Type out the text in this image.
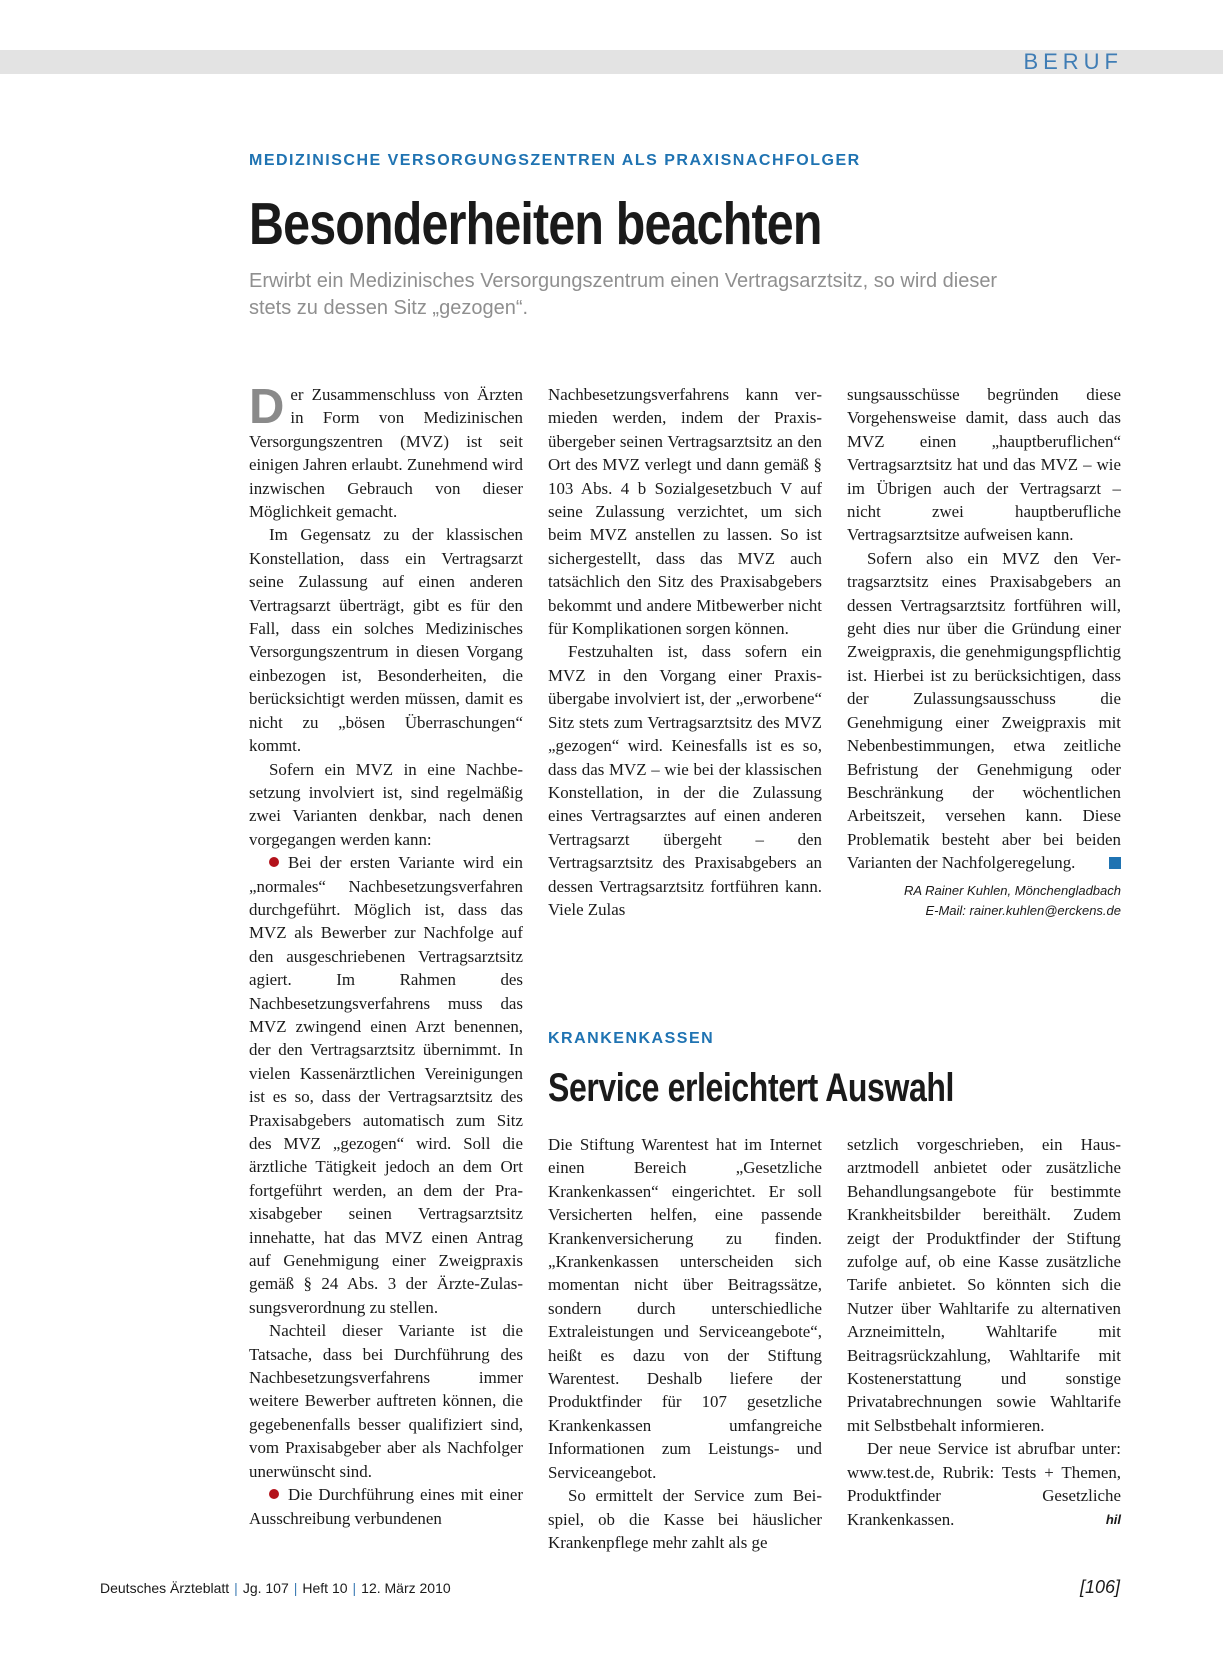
BERUF
MEDIZINISCHE VERSORGUNGSZENTREN ALS PRAXISNACHFOLGER
Besonderheiten beachten

Erwirbt ein Medizinisches Versorgungszentrum einen Vertragsarztsitz, so wird dieser stets zu dessen Sitz „gezogen“.

Der Zusammenschluss von Ärzten in Form von Medizinischen Versorgungszentren (MVZ) ist seit einigen Jahren erlaubt. Zunehmend wird inzwischen Gebrauch von dieser Möglichkeit gemacht.

Im Gegensatz zu der klassischen Konstellation, dass ein Vertragsarzt seine Zulassung auf einen anderen Vertragsarzt überträgt, gibt es für den Fall, dass ein solches Medizinisches Versorgungszentrum in diesen Vorgang einbezogen ist, Besonderheiten, die berücksichtigt werden müssen, damit es nicht zu „bösen Überraschungen“ kommt.

Sofern ein MVZ in eine Nachbesetzung involviert ist, sind regelmäßig zwei Varianten denkbar, nach denen vorgegangen werden kann:

Bei der ersten Variante wird ein „normales“ Nachbesetzungsverfahren durchgeführt. Möglich ist, dass das MVZ als Bewerber zur Nachfolge auf den ausgeschriebenen Vertragsarztsitz agiert. Im Rahmen des Nachbesetzungsverfahrens muss das MVZ zwingend einen Arzt benennen, der den Vertragsarztsitz übernimmt. In vielen Kassenärztlichen Vereinigungen ist es so, dass der Vertragsarztsitz des Praxisabgebers automatisch zum Sitz des MVZ „gezogen“ wird. Soll die ärztliche Tätigkeit jedoch an dem Ort fortgeführt werden, an dem der Praxisabgeber seinen Vertragsarztsitz innehatte, hat das MVZ einen Antrag auf Genehmigung einer Zweigpraxis gemäß § 24 Abs. 3 der Ärzte-Zulassungsverordnung zu stellen.

Nachteil dieser Variante ist die Tatsache, dass bei Durchführung des Nachbesetzungsverfahrens immer weitere Bewerber auftreten können, die gegebenenfalls besser qualifiziert sind, vom Praxisabgeber aber als Nachfolger unerwünscht sind.

Die Durchführung eines mit einer Ausschreibung verbundenen

Nachbesetzungsverfahrens kann vermieden werden, indem der Praxisübergeber seinen Vertragsarztsitz an den Ort des MVZ verlegt und dann gemäß § 103 Abs. 4 b Sozialgesetzbuch V auf seine Zulassung verzichtet, um sich beim MVZ anstellen zu lassen. So ist sichergestellt, dass das MVZ auch tatsächlich den Sitz des Praxisabgebers bekommt und andere Mitbewerber nicht für Komplikationen sorgen können.

Festzuhalten ist, dass sofern ein MVZ in den Vorgang einer Praxisübergabe involviert ist, der „erworbene“ Sitz stets zum Vertragsarztsitz des MVZ „gezogen“ wird. Keinesfalls ist es so, dass das MVZ – wie bei der klassischen Konstellation, in der die Zulassung eines Vertragsarztes auf einen anderen Vertragsarzt übergeht – den Vertragsarztsitz des Praxisabgebers an dessen Vertragsarztsitz fortführen kann. Viele Zulas

sungsausschüsse begründen diese Vorgehensweise damit, dass auch das MVZ einen „hauptberuflichen“ Vertragsarztsitz hat und das MVZ – wie im Übrigen auch der Vertragsarzt – nicht zwei hauptberufliche Vertragsarztsitze aufweisen kann.

Sofern also ein MVZ den Vertragsarztsitz eines Praxisabgebers an dessen Vertragsarztsitz fortführen will, geht dies nur über die Gründung einer Zweigpraxis, die genehmigungspflichtig ist. Hierbei ist zu berücksichtigen, dass der Zulassungsausschuss die Genehmigung einer Zweigpraxis mit Nebenbestimmungen, etwa zeitliche Befristung der Genehmigung oder Beschränkung der wöchentlichen Arbeitszeit, versehen kann. Diese Problematik besteht aber bei beiden Varianten der Nachfolgeregelung.

RA Rainer Kuhlen, Mönchengladbach
E-Mail: rainer.kuhlen@erckens.de
KRANKENKASSEN
Service erleichtert Auswahl

Die Stiftung Warentest hat im Internet einen Bereich „Gesetzliche Krankenkassen“ eingerichtet. Er soll Versicherten helfen, eine passende Krankenversicherung zu finden. „Krankenkassen unterscheiden sich momentan nicht über Beitragssätze, sondern durch unterschiedliche Extraleistungen und Serviceangebote“, heißt es dazu von der Stiftung Warentest. Deshalb liefere der Produktfinder für 107 gesetzliche Krankenkassen umfangreiche Informationen zum Leistungs- und Serviceangebot.

So ermittelt der Service zum Beispiel, ob die Kasse bei häuslicher Krankenpflege mehr zahlt als ge

setzlich vorgeschrieben, ein Hausarztmodell anbietet oder zusätzliche Behandlungsangebote für bestimmte Krankheitsbilder bereithält. Zudem zeigt der Produktfinder der Stiftung zufolge auf, ob eine Kasse zusätzliche Tarife anbietet. So könnten sich die Nutzer über Wahltarife zu alternativen Arzneimitteln, Wahltarife mit Beitragsrückzahlung, Wahltarife mit Kostenerstattung und sonstige Privatabrechnungen sowie Wahltarife mit Selbstbehalt informieren.

Der neue Service ist abrufbar unter: www.test.de, Rubrik: Tests + Themen, Produktfinder Gesetzliche Krankenkassen.	hil

Deutsches Ärzteblatt | Jg. 107 | Heft 10 | 12. März 2010	[106]
